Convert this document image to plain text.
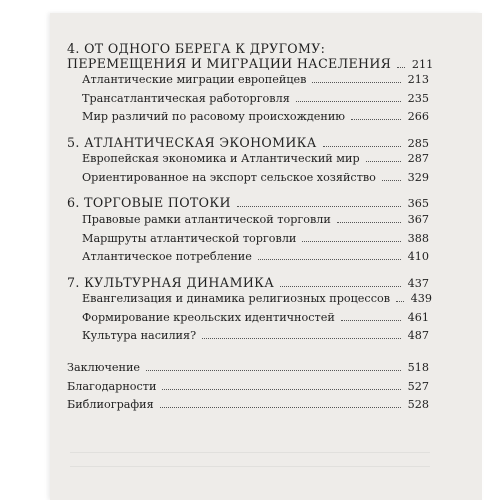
4. ОТ ОДНОГО БЕРЕГА К ДРУГОМУ:
ПЕРЕМЕЩЕНИЯ И МИГРАЦИИ НАСЕЛЕНИЯ 211
Атлантические миграции европейцев	213
Трансатлантическая работорговля	235
Мир различий по расовому происхождению	266
5. АТЛАНТИЧЕСКАЯ ЭКОНОМИКА	285
Европейская экономика и Атлантический мир	287
Ориентированное на экспорт сельское хозяйство	329
6. ТОРГОВЫЕ ПОТОКИ	365
Правовые рамки атлантической торговли	367
Маршруты атлантической торговли	388
Атлантическое потребление	410
7. КУЛЬТУРНАЯ ДИНАМИКА	437
Евангелизация и динамика религиозных процессов 439
Формирование креольских идентичностей	461
Культура насилия?	487
Заключение	518
Благодарности	527
Библиография	528
